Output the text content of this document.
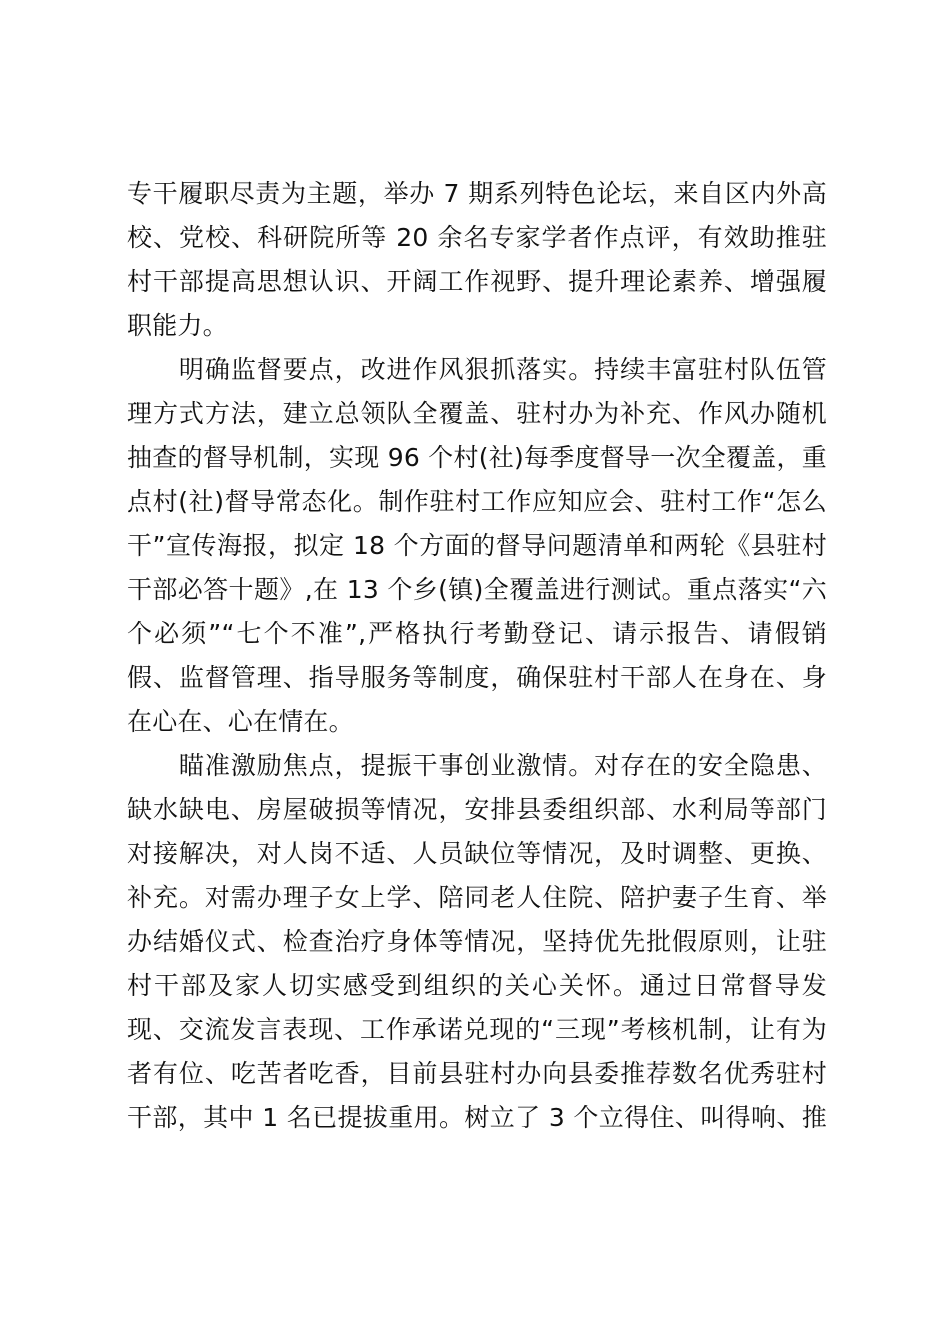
专干履职尽责为主题，举办 7 期系列特色论坛，来自区内外高
校、党校、科研院所等 20 余名专家学者作点评，有效助推驻
村干部提高思想认识、开阔工作视野、提升理论素养、增强履
职能力。
　　明确监督要点，改进作风狠抓落实。持续丰富驻村队伍管
理方式方法，建立总领队全覆盖、驻村办为补充、作风办随机
抽查的督导机制，实现 96 个村(社)每季度督导一次全覆盖，重
点村(社)督导常态化。制作驻村工作应知应会、驻村工作“怎么
干”宣传海报，拟定 18 个方面的督导问题清单和两轮《县驻村
干部必答十题》,在 13 个乡(镇)全覆盖进行测试。重点落实“六
个必须”“七个不准”,严格执行考勤登记、请示报告、请假销
假、监督管理、指导服务等制度，确保驻村干部人在身在、身
在心在、心在情在。
　　瞄准激励焦点，提振干事创业激情。对存在的安全隐患、
缺水缺电、房屋破损等情况，安排县委组织部、水利局等部门
对接解决，对人岗不适、人员缺位等情况，及时调整、更换、
补充。对需办理子女上学、陪同老人住院、陪护妻子生育、举
办结婚仪式、检查治疗身体等情况，坚持优先批假原则，让驻
村干部及家人切实感受到组织的关心关怀。通过日常督导发
现、交流发言表现、工作承诺兑现的“三现”考核机制，让有为
者有位、吃苦者吃香，目前县驻村办向县委推荐数名优秀驻村
干部，其中 1 名已提拔重用。树立了 3 个立得住、叫得响、推
